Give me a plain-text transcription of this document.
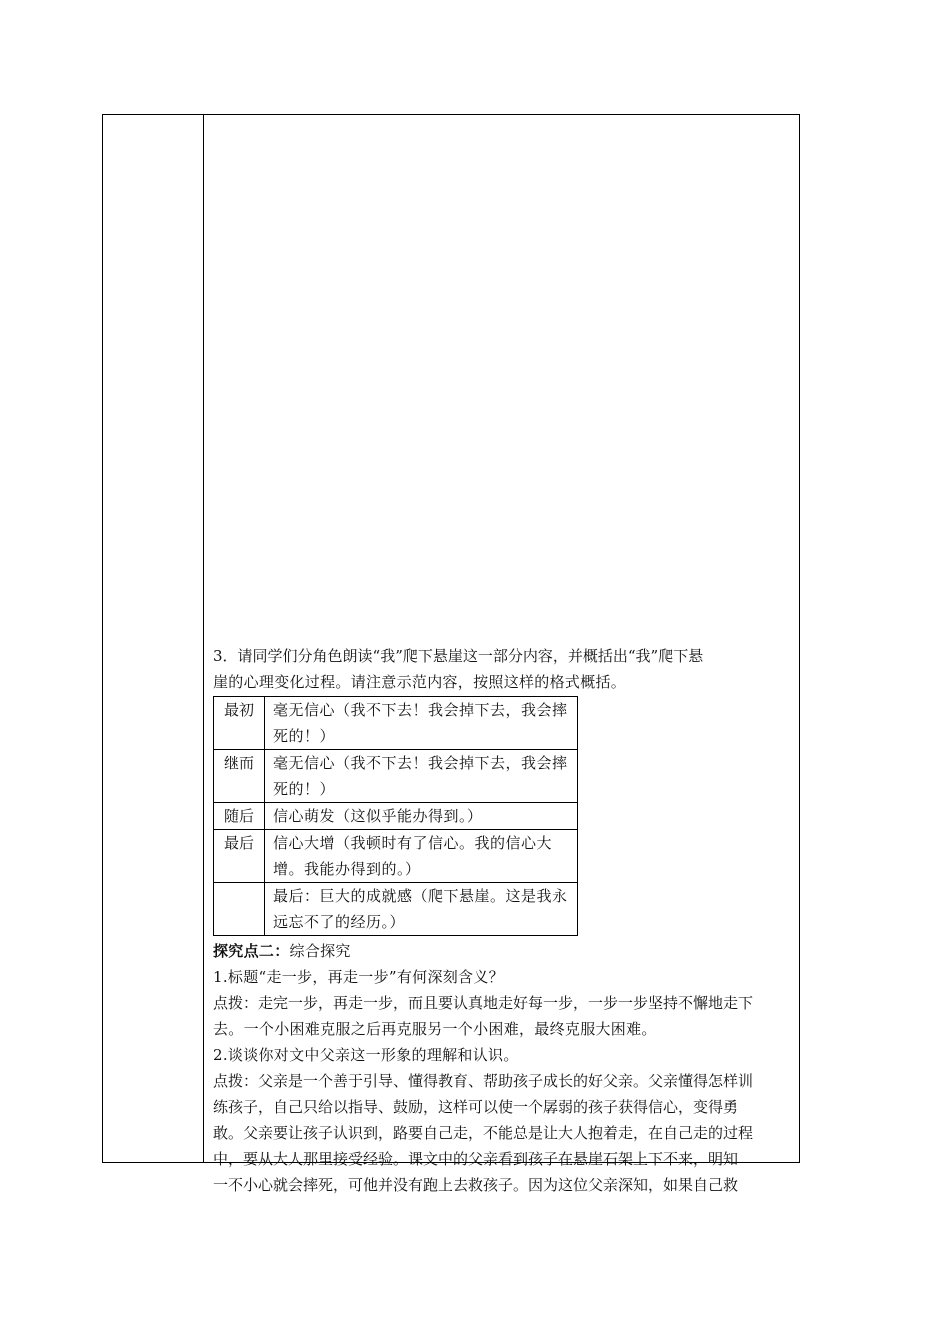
3．请同学们分角色朗读“我”爬下悬崖这一部分内容，并概括出“我”爬下悬
崖的心理变化过程。请注意示范内容，按照这样的格式概括。
最初	毫无信心（我不下去！我会掉下去，我会摔死的！）
继而	毫无信心（我不下去！我会掉下去，我会摔死的！）
随后	信心萌发（这似乎能办得到。）
最后	信心大增（我顿时有了信心。我的信心大增。我能办得到的。）
	最后：巨大的成就感（爬下悬崖。这是我永远忘不了的经历。）
探究点二：综合探究
1.标题“走一步，再走一步”有何深刻含义？
点拨：走完一步，再走一步，而且要认真地走好每一步，一步一步坚持不懈地走下
去。一个小困难克服之后再克服另一个小困难，最终克服大困难。
2.谈谈你对文中父亲这一形象的理解和认识。
点拨：父亲是一个善于引导、懂得教育、帮助孩子成长的好父亲。父亲懂得怎样训
练孩子，自己只给以指导、鼓励，这样可以使一个孱弱的孩子获得信心，变得勇
敢。父亲要让孩子认识到，路要自己走，不能总是让大人抱着走，在自己走的过程
中，要从大人那里接受经验。课文中的父亲看到孩子在悬崖石架上下不来，明知
一不小心就会摔死，可他并没有跑上去救孩子。因为这位父亲深知，如果自己救
